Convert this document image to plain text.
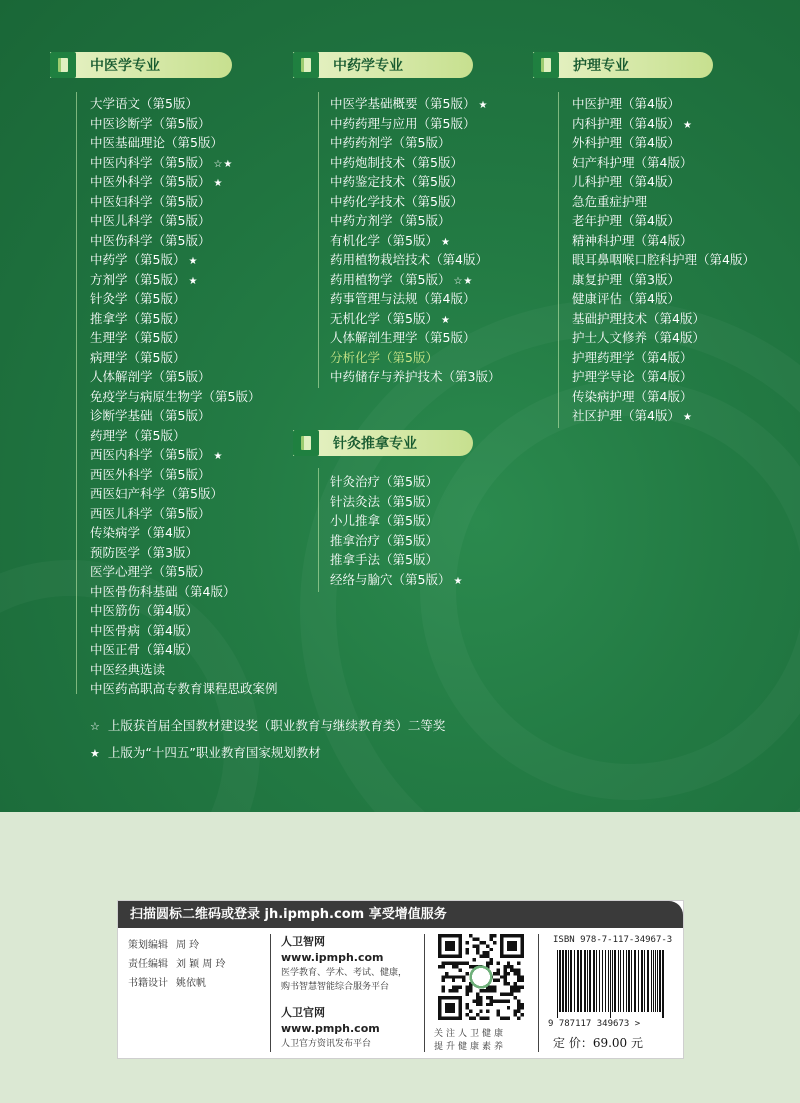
中医学专业
大学语文（第5版）
中医诊断学（第5版）
中医基础理论（第5版）
中医内科学（第5版） ☆★
中医外科学（第5版） ★
中医妇科学（第5版）
中医儿科学（第5版）
中医伤科学（第5版）
中药学（第5版） ★
方剂学（第5版） ★
针灸学（第5版）
推拿学（第5版）
生理学（第5版）
病理学（第5版）
人体解剖学（第5版）
免疫学与病原生物学（第5版）
诊断学基础（第5版）
药理学（第5版）
西医内科学（第5版） ★
西医外科学（第5版）
西医妇产科学（第5版）
西医儿科学（第5版）
传染病学（第4版）
预防医学（第3版）
医学心理学（第5版）
中医骨伤科基础（第4版）
中医筋伤（第4版）
中医骨病（第4版）
中医正骨（第4版）
中医经典选读
中医药高职高专教育课程思政案例
中药学专业
中医学基础概要（第5版） ★
中药药理与应用（第5版）
中药药剂学（第5版）
中药炮制技术（第5版）
中药鉴定技术（第5版）
中药化学技术（第5版）
中药方剂学（第5版）
有机化学（第5版） ★
药用植物栽培技术（第4版）
药用植物学（第5版） ☆★
药事管理与法规（第4版）
无机化学（第5版） ★
人体解剖生理学（第5版）
分析化学（第5版）
中药储存与养护技术（第3版）
针灸推拿专业
针灸治疗（第5版）
针法灸法（第5版）
小儿推拿（第5版）
推拿治疗（第5版）
推拿手法（第5版）
经络与腧穴（第5版） ★
护理专业
中医护理（第4版）
内科护理（第4版） ★
外科护理（第4版）
妇产科护理（第4版）
儿科护理（第4版）
急危重症护理
老年护理（第4版）
精神科护理（第4版）
眼耳鼻咽喉口腔科护理（第4版）
康复护理（第3版）
健康评估（第4版）
基础护理技术（第4版）
护士人文修养（第4版）
护理药理学（第4版）
护理学导论（第4版）
传染病护理（第4版）
社区护理（第4版） ★
☆ 上版获首届全国教材建设奖（职业教育与继续教育类）二等奖
★ 上版为“十四五”职业教育国家规划教材
扫描圆标二维码或登录 jh.ipmph.com 享受增值服务
策划编辑 周 玲
责任编辑 刘 颖 周 玲
书籍设计 姚依帆
人卫智网
www.ipmph.com
医学教育、学术、考试、健康，购书智慧智能综合服务平台
人卫官网
www.pmph.com
人卫官方资讯发布平台
关注人卫健康
提升健康素养
ISBN 978-7-117-34967-3
9 787117 349673 >
定 价：69.00 元
